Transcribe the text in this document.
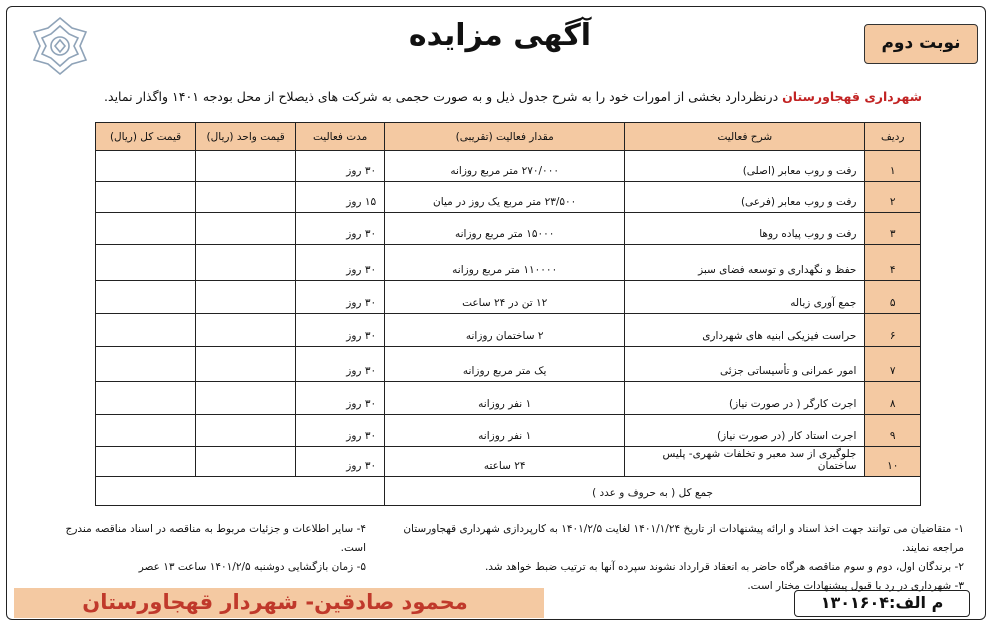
آگهی مزایده	نوبت دوم
شهرداری قهجاورستان درنظردارد بخشی از امورات خود را به شرح جدول ذیل و به صورت حجمی به شرکت های ذیصلاح از محل بودجه ۱۴۰۱ واگذار نماید.
ردیف	شرح فعالیت	مقدار فعالیت (تقریبی)	مدت فعالیت	قیمت واحد (ریال)	قیمت کل (ریال)
۱	رفت و روب معابر (اصلی)	۲۷۰/۰۰۰ متر مربع روزانه	۳۰ روز		
۲	رفت و روب معابر (فرعی)	۲۳/۵۰۰ متر مربع یک روز در میان	۱۵ روز		
۳	رفت و روب پیاده روها	۱۵۰۰۰ متر مربع روزانه	۳۰ روز		
۴	حفظ و نگهداری و توسعه فضای سبز	۱۱۰۰۰۰ متر مربع روزانه	۳۰ روز		
۵	جمع آوری زباله	۱۲ تن در ۲۴ ساعت	۳۰ روز		
۶	حراست فیزیکی ابنیه های شهرداری	۲ ساختمان روزانه	۳۰ روز		
۷	امور عمرانی و تأسیساتی جزئی	یک متر مربع روزانه	۳۰ روز		
۸	اجرت کارگر ( در صورت نیاز)	۱ نفر روزانه	۳۰ روز		
۹	اجرت استاد کار (در صورت نیاز)	۱ نفر روزانه	۳۰ روز		
۱۰	جلوگیری از سد معبر و تخلفات شهری- پلیس ساختمان	۲۴ ساعته	۳۰ روز		
جمع کل ( به حروف و عدد )					
۱- متقاضیان می توانند جهت اخذ اسناد و ارائه پیشنهادات از تاریخ ۱۴۰۱/۱/۲۴ لغایت ۱۴۰۱/۲/۵ به کارپردازی شهرداری قهجاورستان مراجعه نمایند.
۲- برندگان اول، دوم و سوم مناقصه هرگاه حاضر به انعقاد قرارداد نشوند سپرده آنها به ترتیب ضبط خواهد شد.
۳- شهرداری در رد یا قبول پیشنهادات مختار است.
۴- سایر اطلاعات و جزئیات مربوط به مناقصه در اسناد مناقصه مندرج است.
۵- زمان بازگشایی دوشنبه ۱۴۰۱/۲/۵ ساعت ۱۳ عصر
محمود صادقین- شهردار قهجاورستان	م الف:۱۳۰۱۶۰۴
